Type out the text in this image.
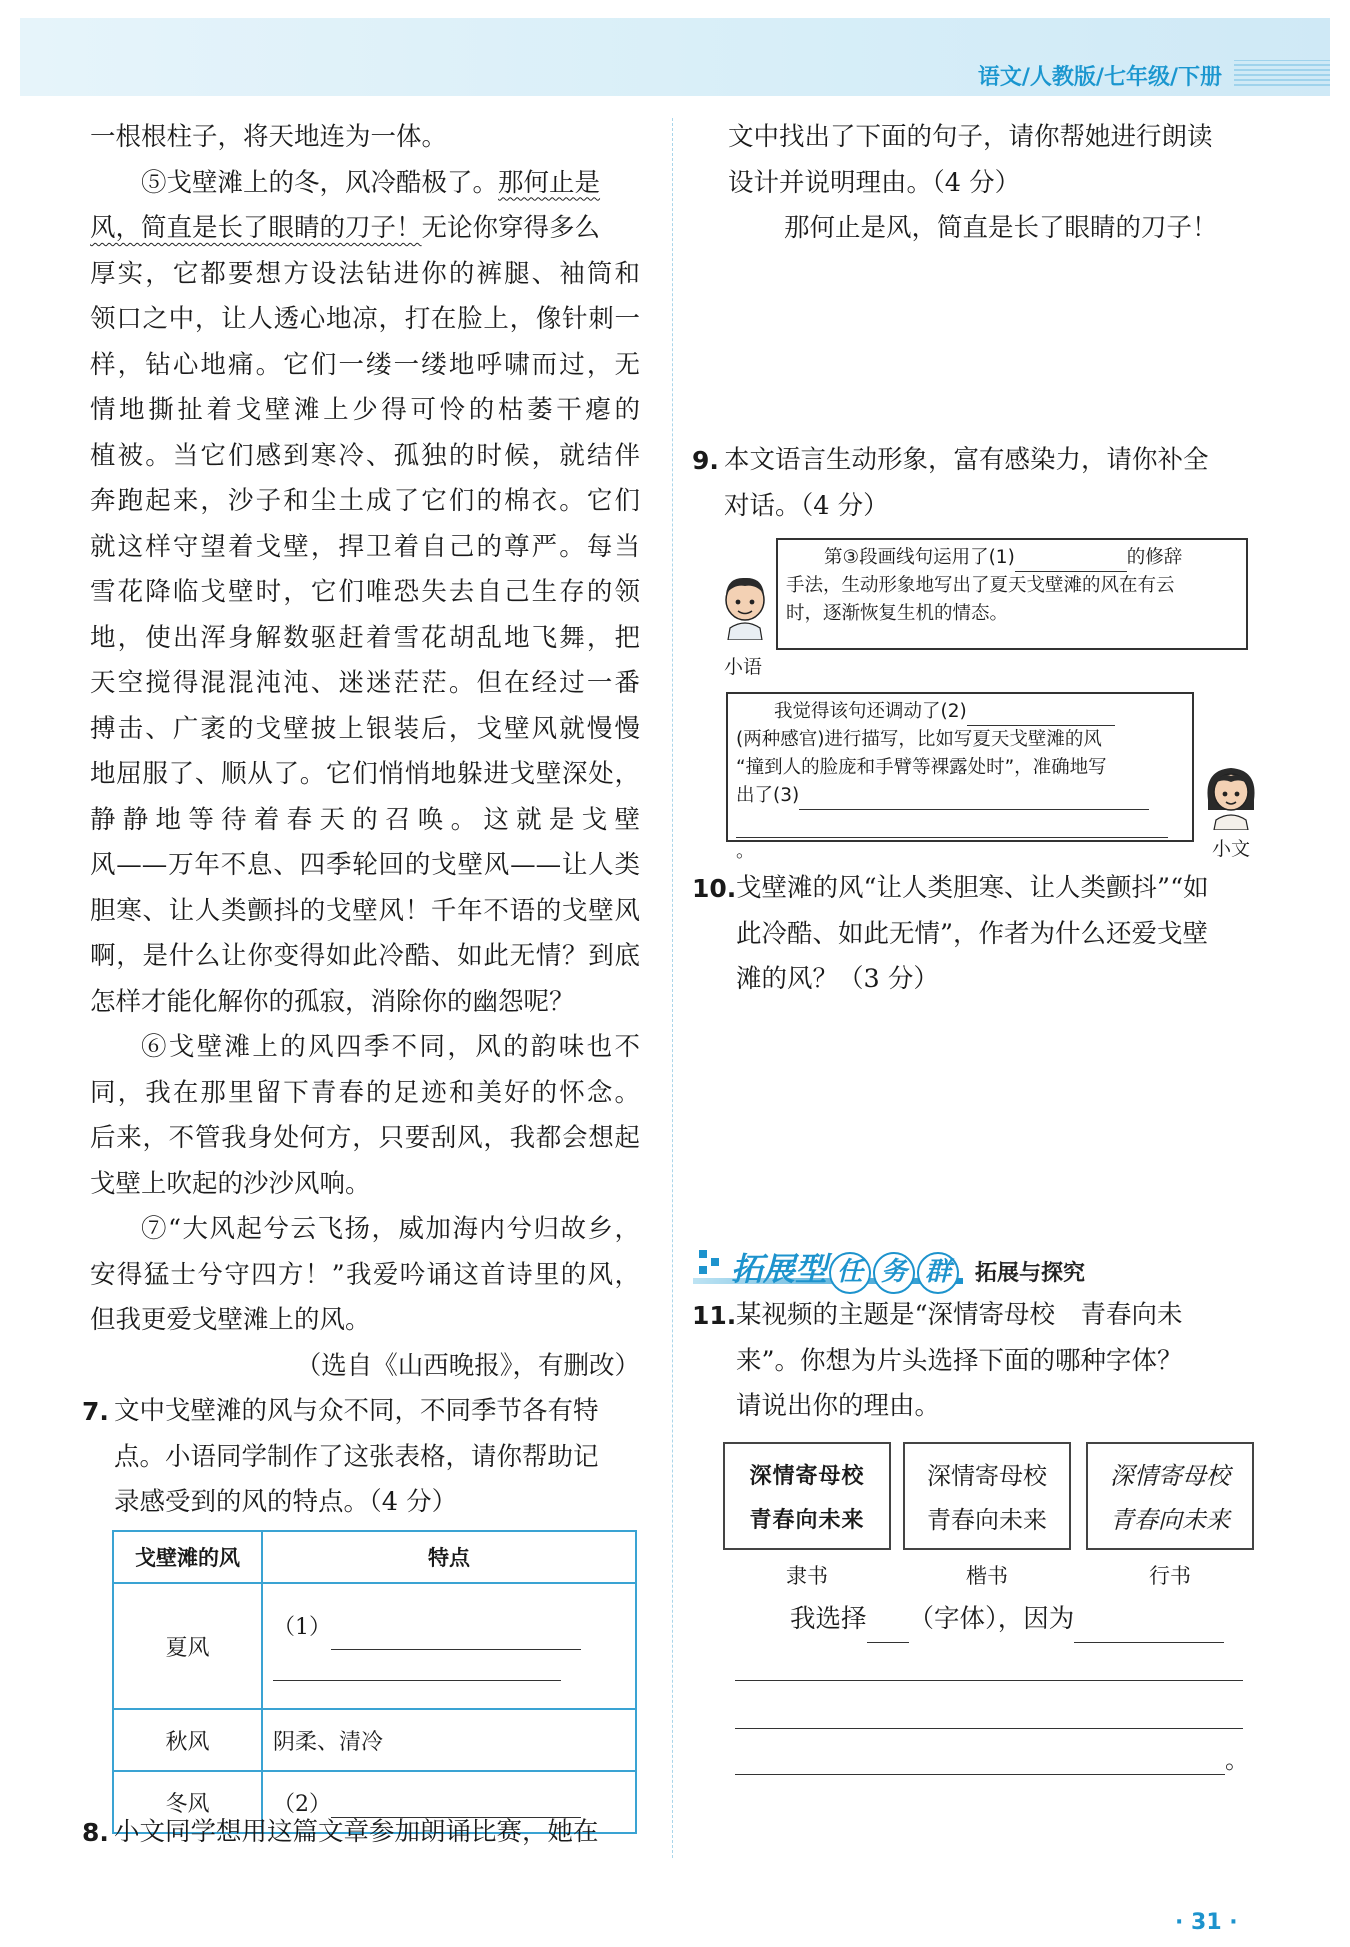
语文/人教版/七年级/下册
一根根柱子，将天地连为一体。
⑤戈壁滩上的冬，风冷酷极了。那何止是
风，简直是长了眼睛的刀子！无论你穿得多么
厚实，它都要想方设法钻进你的裤腿、袖筒和
领口之中，让人透心地凉，打在脸上，像针刺一
样，钻心地痛。它们一缕一缕地呼啸而过，无
情地撕扯着戈壁滩上少得可怜的枯萎干瘪的
植被。当它们感到寒冷、孤独的时候，就结伴
奔跑起来，沙子和尘土成了它们的棉衣。它们
就这样守望着戈壁，捍卫着自己的尊严。每当
雪花降临戈壁时，它们唯恐失去自己生存的领
地，使出浑身解数驱赶着雪花胡乱地飞舞，把
天空搅得混混沌沌、迷迷茫茫。但在经过一番
搏击、广袤的戈壁披上银装后，戈壁风就慢慢
地屈服了、顺从了。它们悄悄地躲进戈壁深处，
静静地等待着春天的召唤。这就是戈壁
风——万年不息、四季轮回的戈壁风——让人类
胆寒、让人类颤抖的戈壁风！千年不语的戈壁风
啊，是什么让你变得如此冷酷、如此无情？到底
怎样才能化解你的孤寂，消除你的幽怨呢？
⑥戈壁滩上的风四季不同，风的韵味也不
同，我在那里留下青春的足迹和美好的怀念。
后来，不管我身处何方，只要刮风，我都会想起
戈壁上吹起的沙沙风响。
⑦“大风起兮云飞扬，威加海内兮归故乡，
安得猛士兮守四方！”我爱吟诵这首诗里的风，
但我更爱戈壁滩上的风。
（选自《山西晚报》，有删改）
7. 文中戈壁滩的风与众不同，不同季节各有特
点。小语同学制作了这张表格，请你帮助记
录感受到的风的特点。（4 分）
戈壁滩的风	特点
夏风	（1）

秋风	阴柔、清冷
冬风	（2）
8. 小文同学想用这篇文章参加朗诵比赛，她在
文中找出了下面的句子，请你帮她进行朗读
设计并说明理由。（4 分）
那何止是风，简直是长了眼睛的刀子！
9. 本文语言生动形象，富有感染力，请你补全
对话。（4 分）
第③段画线句运用了(1)	的修辞
手法，生动形象地写出了夏天戈壁滩的风在有云
时，逐渐恢复生机的情态。
小语
我觉得该句还调动了(2)
(两种感官)进行描写，比如写夏天戈壁滩的风
“撞到人的脸庞和手臂等裸露处时”，准确地写
出了(3)
。	小文
10. 戈壁滩的风“让人类胆寒、让人类颤抖”“如
此冷酷、如此无情”，作者为什么还爱戈壁
滩的风？（3 分）
拓展型 任 务 群	拓展与探究
11. 某视频的主题是“深情寄母校　青春向未
来”。你想为片头选择下面的哪种字体？
请说出你的理由。
深情寄母校
青春向未来
深情寄母校
青春向未来
深情寄母校
青春向未来
隶书	楷书	行书
我选择 （字体），因为
。
· 31 ·
